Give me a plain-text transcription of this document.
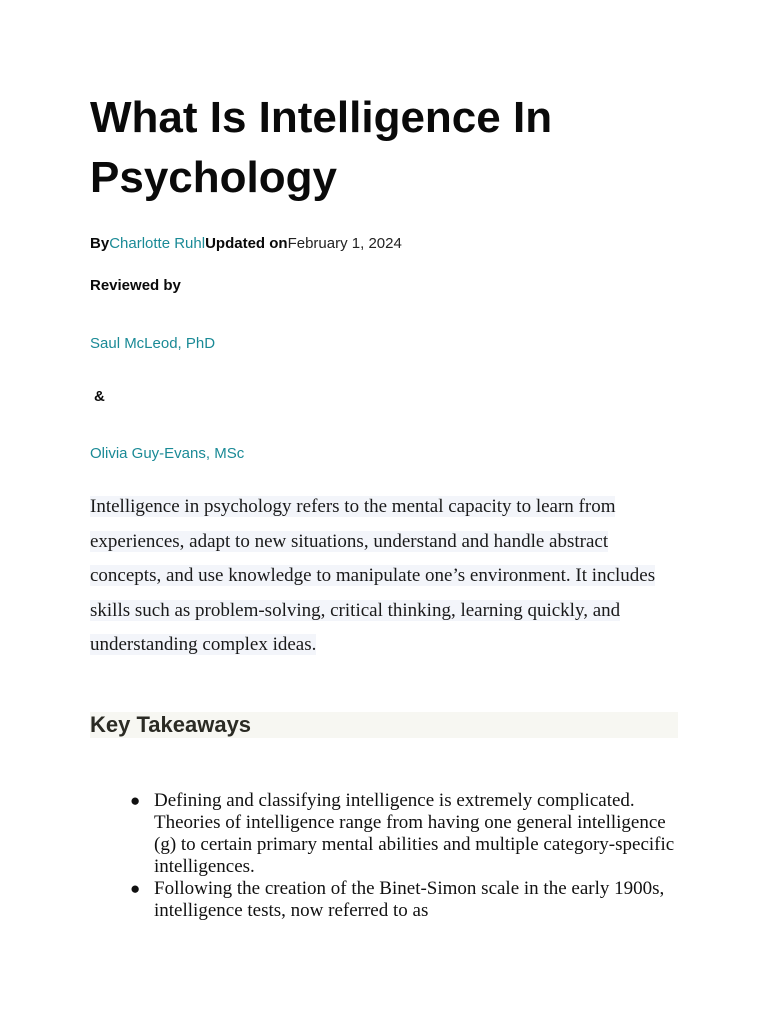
What Is Intelligence In Psychology
ByCharlotte RuhlUpdated onFebruary 1, 2024
Reviewed by
Saul McLeod, PhD
&
Olivia Guy-Evans, MSc

Intelligence in psychology refers to the mental capacity to learn from experiences, adapt to new situations, understand and handle abstract concepts, and use knowledge to manipulate one’s environment. It includes skills such as problem-solving, critical thinking, learning quickly, and understanding complex ideas.

Key Takeaways
● Defining and classifying intelligence is extremely complicated. Theories of intelligence range from having one general intelligence (g) to certain primary mental abilities and multiple category-specific intelligences.
● Following the creation of the Binet-Simon scale in the early 1900s, intelligence tests, now referred to as
